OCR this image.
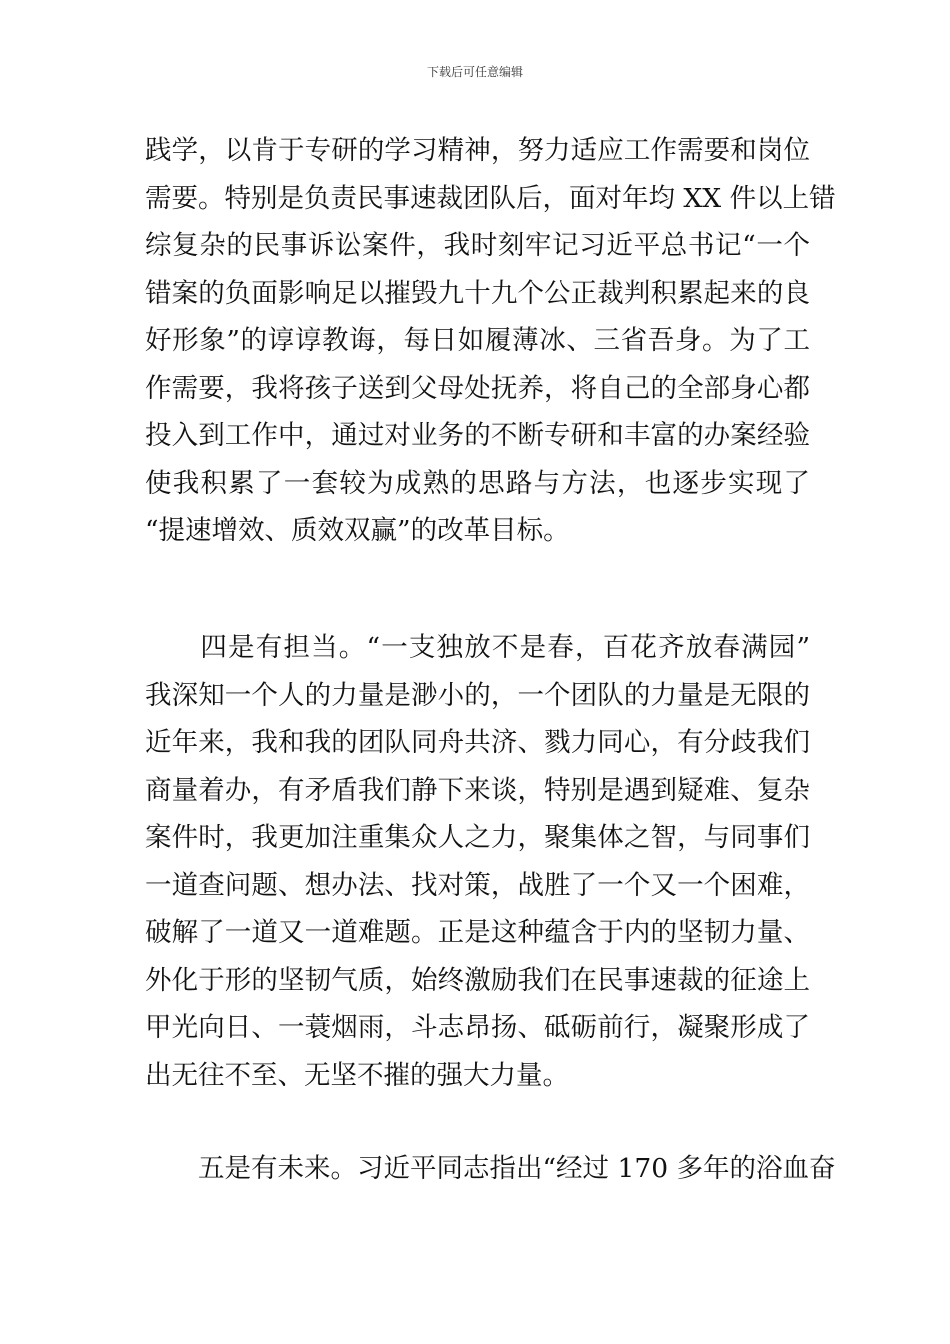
下载后可任意编辑
践学，以肯于专研的学习精神，努力适应工作需要和岗位
需要。特别是负责民事速裁团队后，面对年均 XX 件以上错
综复杂的民事诉讼案件，我时刻牢记习近平总书记“一个
错案的负面影响足以摧毁九十九个公正裁判积累起来的良
好形象”的谆谆教诲，每日如履薄冰、三省吾身。为了工
作需要，我将孩子送到父母处抚养，将自己的全部身心都
投入到工作中，通过对业务的不断专研和丰富的办案经验
使我积累了一套较为成熟的思路与方法，也逐步实现了
“提速增效、质效双赢”的改革目标。
　　四是有担当。“一支独放不是春，百花齐放春满园”
我深知一个人的力量是渺小的，一个团队的力量是无限的
近年来，我和我的团队同舟共济、戮力同心，有分歧我们
商量着办，有矛盾我们静下来谈，特别是遇到疑难、复杂
案件时，我更加注重集众人之力，聚集体之智，与同事们
一道查问题、想办法、找对策，战胜了一个又一个困难，
破解了一道又一道难题。正是这种蕴含于内的坚韧力量、
外化于形的坚韧气质，始终激励我们在民事速裁的征途上
甲光向日、一蓑烟雨，斗志昂扬、砥砺前行，凝聚形成了
出无往不至、无坚不摧的强大力量。
　　五是有未来。习近平同志指出“经过 170 多年的浴血奋
